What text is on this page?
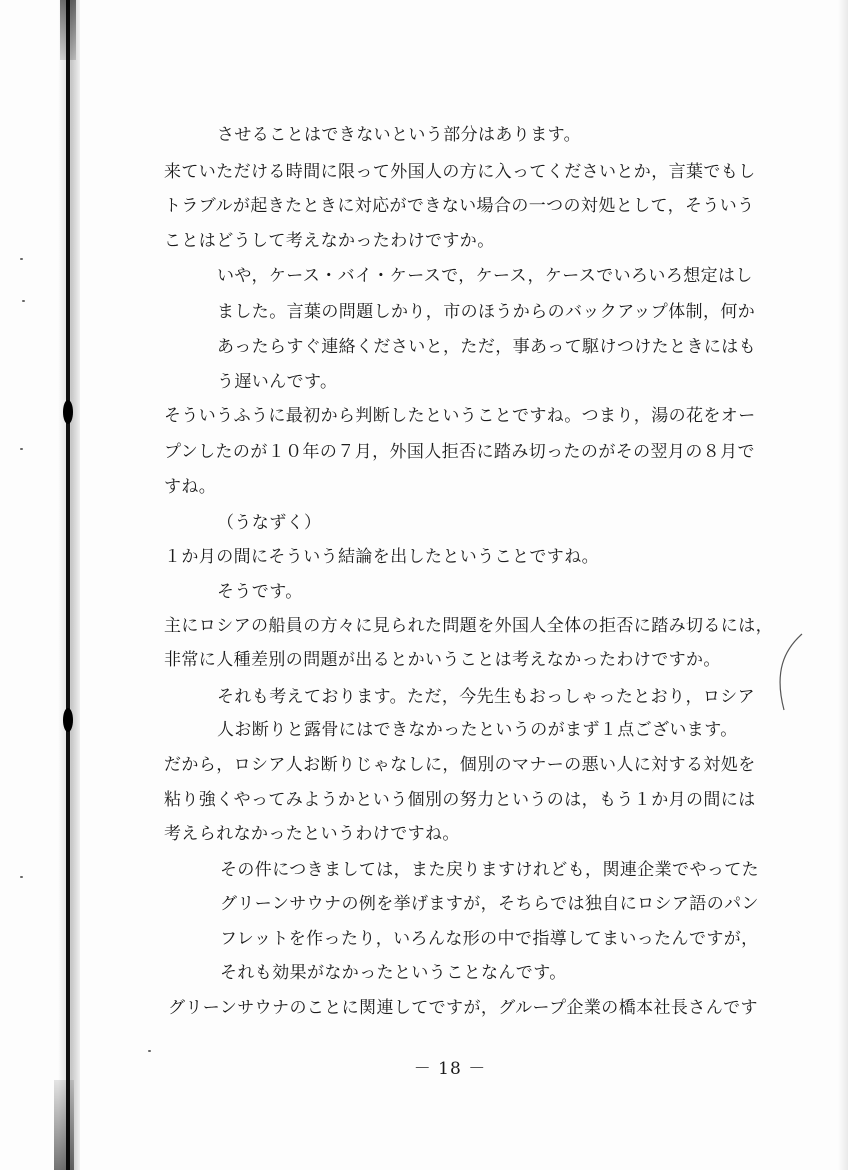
させることはできないという部分はあります。
来ていただける時間に限って外国人の方に入ってくださいとか，言葉でもし
トラブルが起きたときに対応ができない場合の一つの対処として，そういう
ことはどうして考えなかったわけですか。
いや，ケース・バイ・ケースで，ケース，ケースでいろいろ想定はし
ました。言葉の問題しかり，市のほうからのバックアップ体制，何か
あったらすぐ連絡くださいと，ただ，事あって駆けつけたときにはも
う遅いんです。
そういうふうに最初から判断したということですね。つまり，湯の花をオー
プンしたのが１０年の７月，外国人拒否に踏み切ったのがその翌月の８月で
すね。
（うなずく）
１か月の間にそういう結論を出したということですね。
そうです。
主にロシアの船員の方々に見られた問題を外国人全体の拒否に踏み切るには，
非常に人種差別の問題が出るとかいうことは考えなかったわけですか。
それも考えております。ただ，今先生もおっしゃったとおり，ロシア
人お断りと露骨にはできなかったというのがまず１点ございます。
だから，ロシア人お断りじゃなしに，個別のマナーの悪い人に対する対処を
粘り強くやってみようかという個別の努力というのは，もう１か月の間には
考えられなかったというわけですね。
その件につきましては，また戻りますけれども，関連企業でやってた
グリーンサウナの例を挙げますが，そちらでは独自にロシア語のパン
フレットを作ったり，いろんな形の中で指導してまいったんですが，
それも効果がなかったということなんです。
グリーンサウナのことに関連してですが，グループ企業の橋本社長さんです
－ 18 －
